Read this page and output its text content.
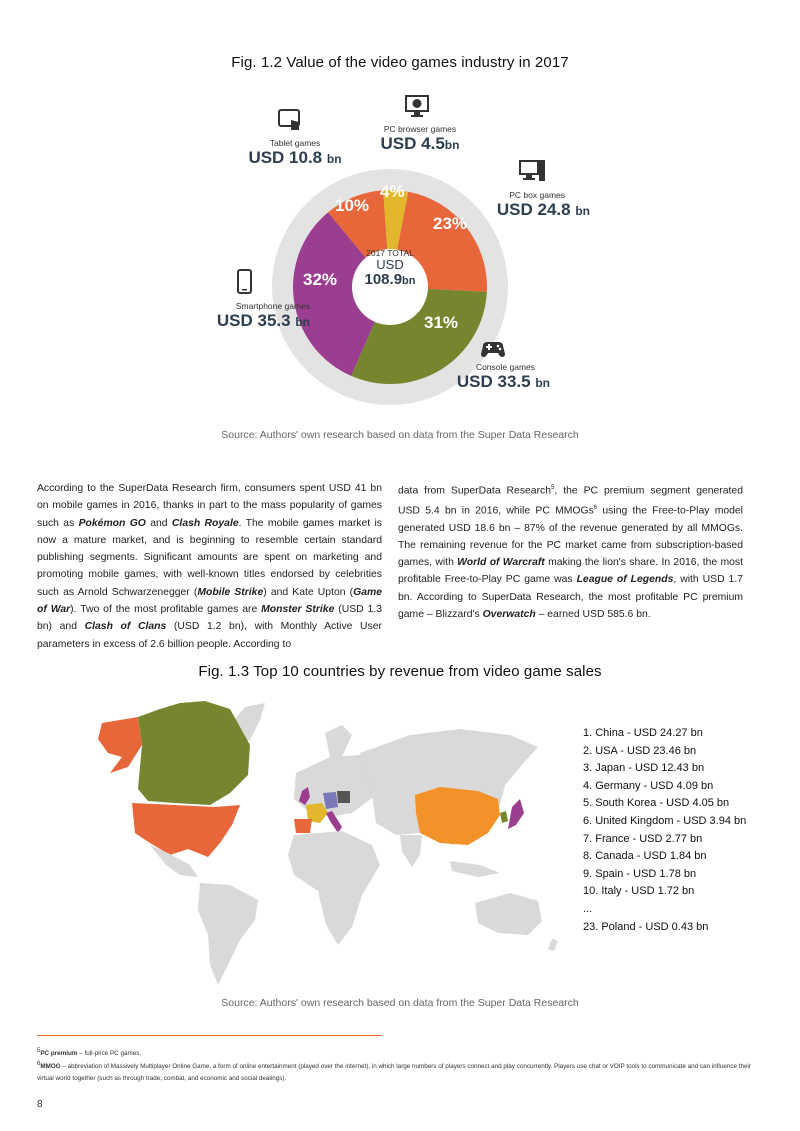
Fig. 1.2 Value of the video games industry in 2017
2017 TOTAL
USD
108.9bn
10%
4%
23%
31%
32%
Tablet games
USD 10.8 bn
PC browser games
USD 4.5bn
PC box games
USD 24.8 bn
Console games
USD 33.5 bn
Smartphone games
USD 35.3 bn
Source: Authors' own research based on data from the Super Data Research
According to the SuperData Research firm, consumers spent USD 41 bn on mobile games in 2016, thanks in part to the mass popularity of games such as Pokémon GO and Clash Royale. The mobile games market is now a mature market, and is beginning to resemble certain standard publishing segments. Significant amounts are spent on marketing and promoting mobile games, with well-known titles endorsed by celebrities such as Arnold Schwarzenegger (Mobile Strike) and Kate Upton (Game of War). Two of the most profitable games are Monster Strike (USD 1.3 bn) and Clash of Clans (USD 1.2 bn), with Monthly Active User parameters in excess of 2.6 billion people. According to
data from SuperData Research$^5$, the PC premium segment generated USD 5.4 bn in 2016, while PC MMOGs$^6$ using the Free-to-Play model generated USD 18.6 bn – 87% of the revenue generated by all MMOGs. The remaining revenue for the PC market came from subscription-based games, with World of Warcraft making the lion's share. In 2016, the most profitable Free-to-Play PC game was League of Legends, with USD 1.7 bn. According to SuperData Research, the most profitable PC premium game – Blizzard's Overwatch – earned USD 585.6 bn.
Fig. 1.3 Top 10 countries by revenue from video game sales
1. China - USD 24.27 bn
2. USA - USD 23.46 bn
3. Japan - USD 12.43 bn
4. Germany - USD 4.09 bn
5. South Korea - USD 4.05 bn
6. United Kingdom - USD 3.94 bn
7. France - USD 2.77 bn
8. Canada - USD 1.84 bn
9. Spain - USD 1.78 bn
10. Italy - USD 1.72 bn
...
23. Poland - USD 0.43 bn
Source: Authors' own research based on data from the Super Data Research
$^5$PC premium – full-price PC games.
$^6$MMOG – abbreviation of Massively Multiplayer Online Game, a form of online entertainment (played over the internet), in which large numbers of players connect and play concurrently. Players use chat or VOIP tools to communicate and can influence their virtual world together (such as through trade, combat, and economic and social dealings).
8
